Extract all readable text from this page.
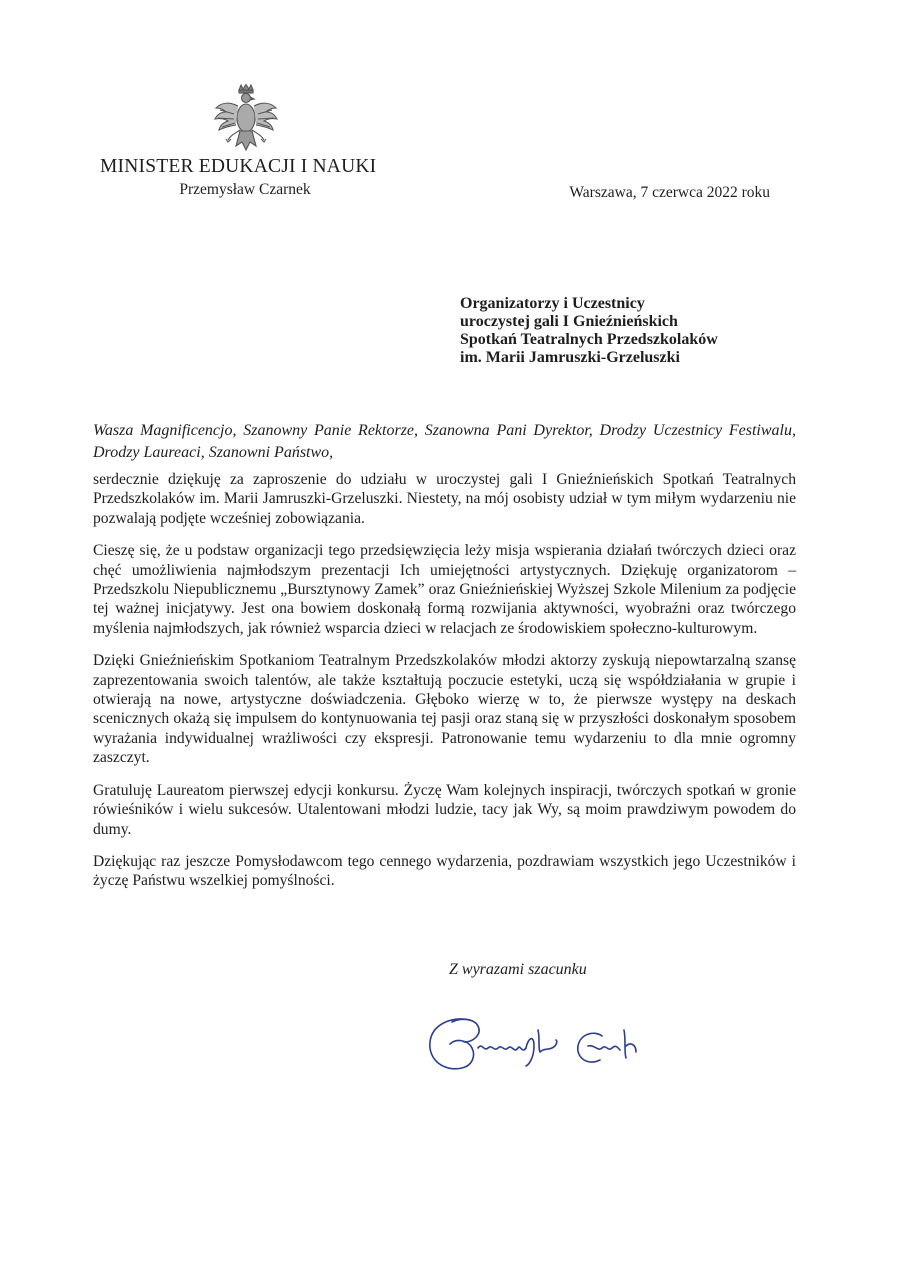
MINISTER EDUKACJI I NAUKI
Przemysław Czarnek	Warszawa, 7 czerwca 2022 roku
Organizatorzy i Uczestnicy
uroczystej gali I Gnieźnieńskich
Spotkań Teatralnych Przedszkolaków
im. Marii Jamruszki-Grzeluszki
Wasza Magnificencjo, Szanowny Panie Rektorze, Szanowna Pani Dyrektor, Drodzy Uczestnicy Festiwalu, Drodzy Laureaci, Szanowni Państwo,

serdecznie dziękuję za zaproszenie do udziału w uroczystej gali I Gnieźnieńskich Spotkań Teatralnych Przedszkolaków im. Marii Jamruszki-Grzeluszki. Niestety, na mój osobisty udział w tym miłym wydarzeniu nie pozwalają podjęte wcześniej zobowiązania.

Cieszę się, że u podstaw organizacji tego przedsięwzięcia leży misja wspierania działań twórczych dzieci oraz chęć umożliwienia najmłodszym prezentacji Ich umiejętności artystycznych. Dziękuję organizatorom – Przedszkolu Niepublicznemu „Bursztynowy Zamek” oraz Gnieźnieńskiej Wyższej Szkole Milenium za podjęcie tej ważnej inicjatywy. Jest ona bowiem doskonałą formą rozwijania aktywności, wyobraźni oraz twórczego myślenia najmłodszych, jak również wsparcia dzieci w relacjach ze środowiskiem społeczno-kulturowym.

Dzięki Gnieźnieńskim Spotkaniom Teatralnym Przedszkolaków młodzi aktorzy zyskują niepowtarzalną szansę zaprezentowania swoich talentów, ale także kształtują poczucie estetyki, uczą się współdziałania w grupie i otwierają na nowe, artystyczne doświadczenia. Głęboko wierzę w to, że pierwsze występy na deskach scenicznych okażą się impulsem do kontynuowania tej pasji oraz staną się w przyszłości doskonałym sposobem wyrażania indywidualnej wrażliwości czy ekspresji. Patronowanie temu wydarzeniu to dla mnie ogromny zaszczyt.

Gratuluję Laureatom pierwszej edycji konkursu. Życzę Wam kolejnych inspiracji, twórczych spotkań w gronie rówieśników i wielu sukcesów. Utalentowani młodzi ludzie, tacy jak Wy, są moim prawdziwym powodem do dumy.

Dziękując raz jeszcze Pomysłodawcom tego cennego wydarzenia, pozdrawiam wszystkich jego Uczestników i życzę Państwu wszelkiej pomyślności.

Z wyrazami szacunku
